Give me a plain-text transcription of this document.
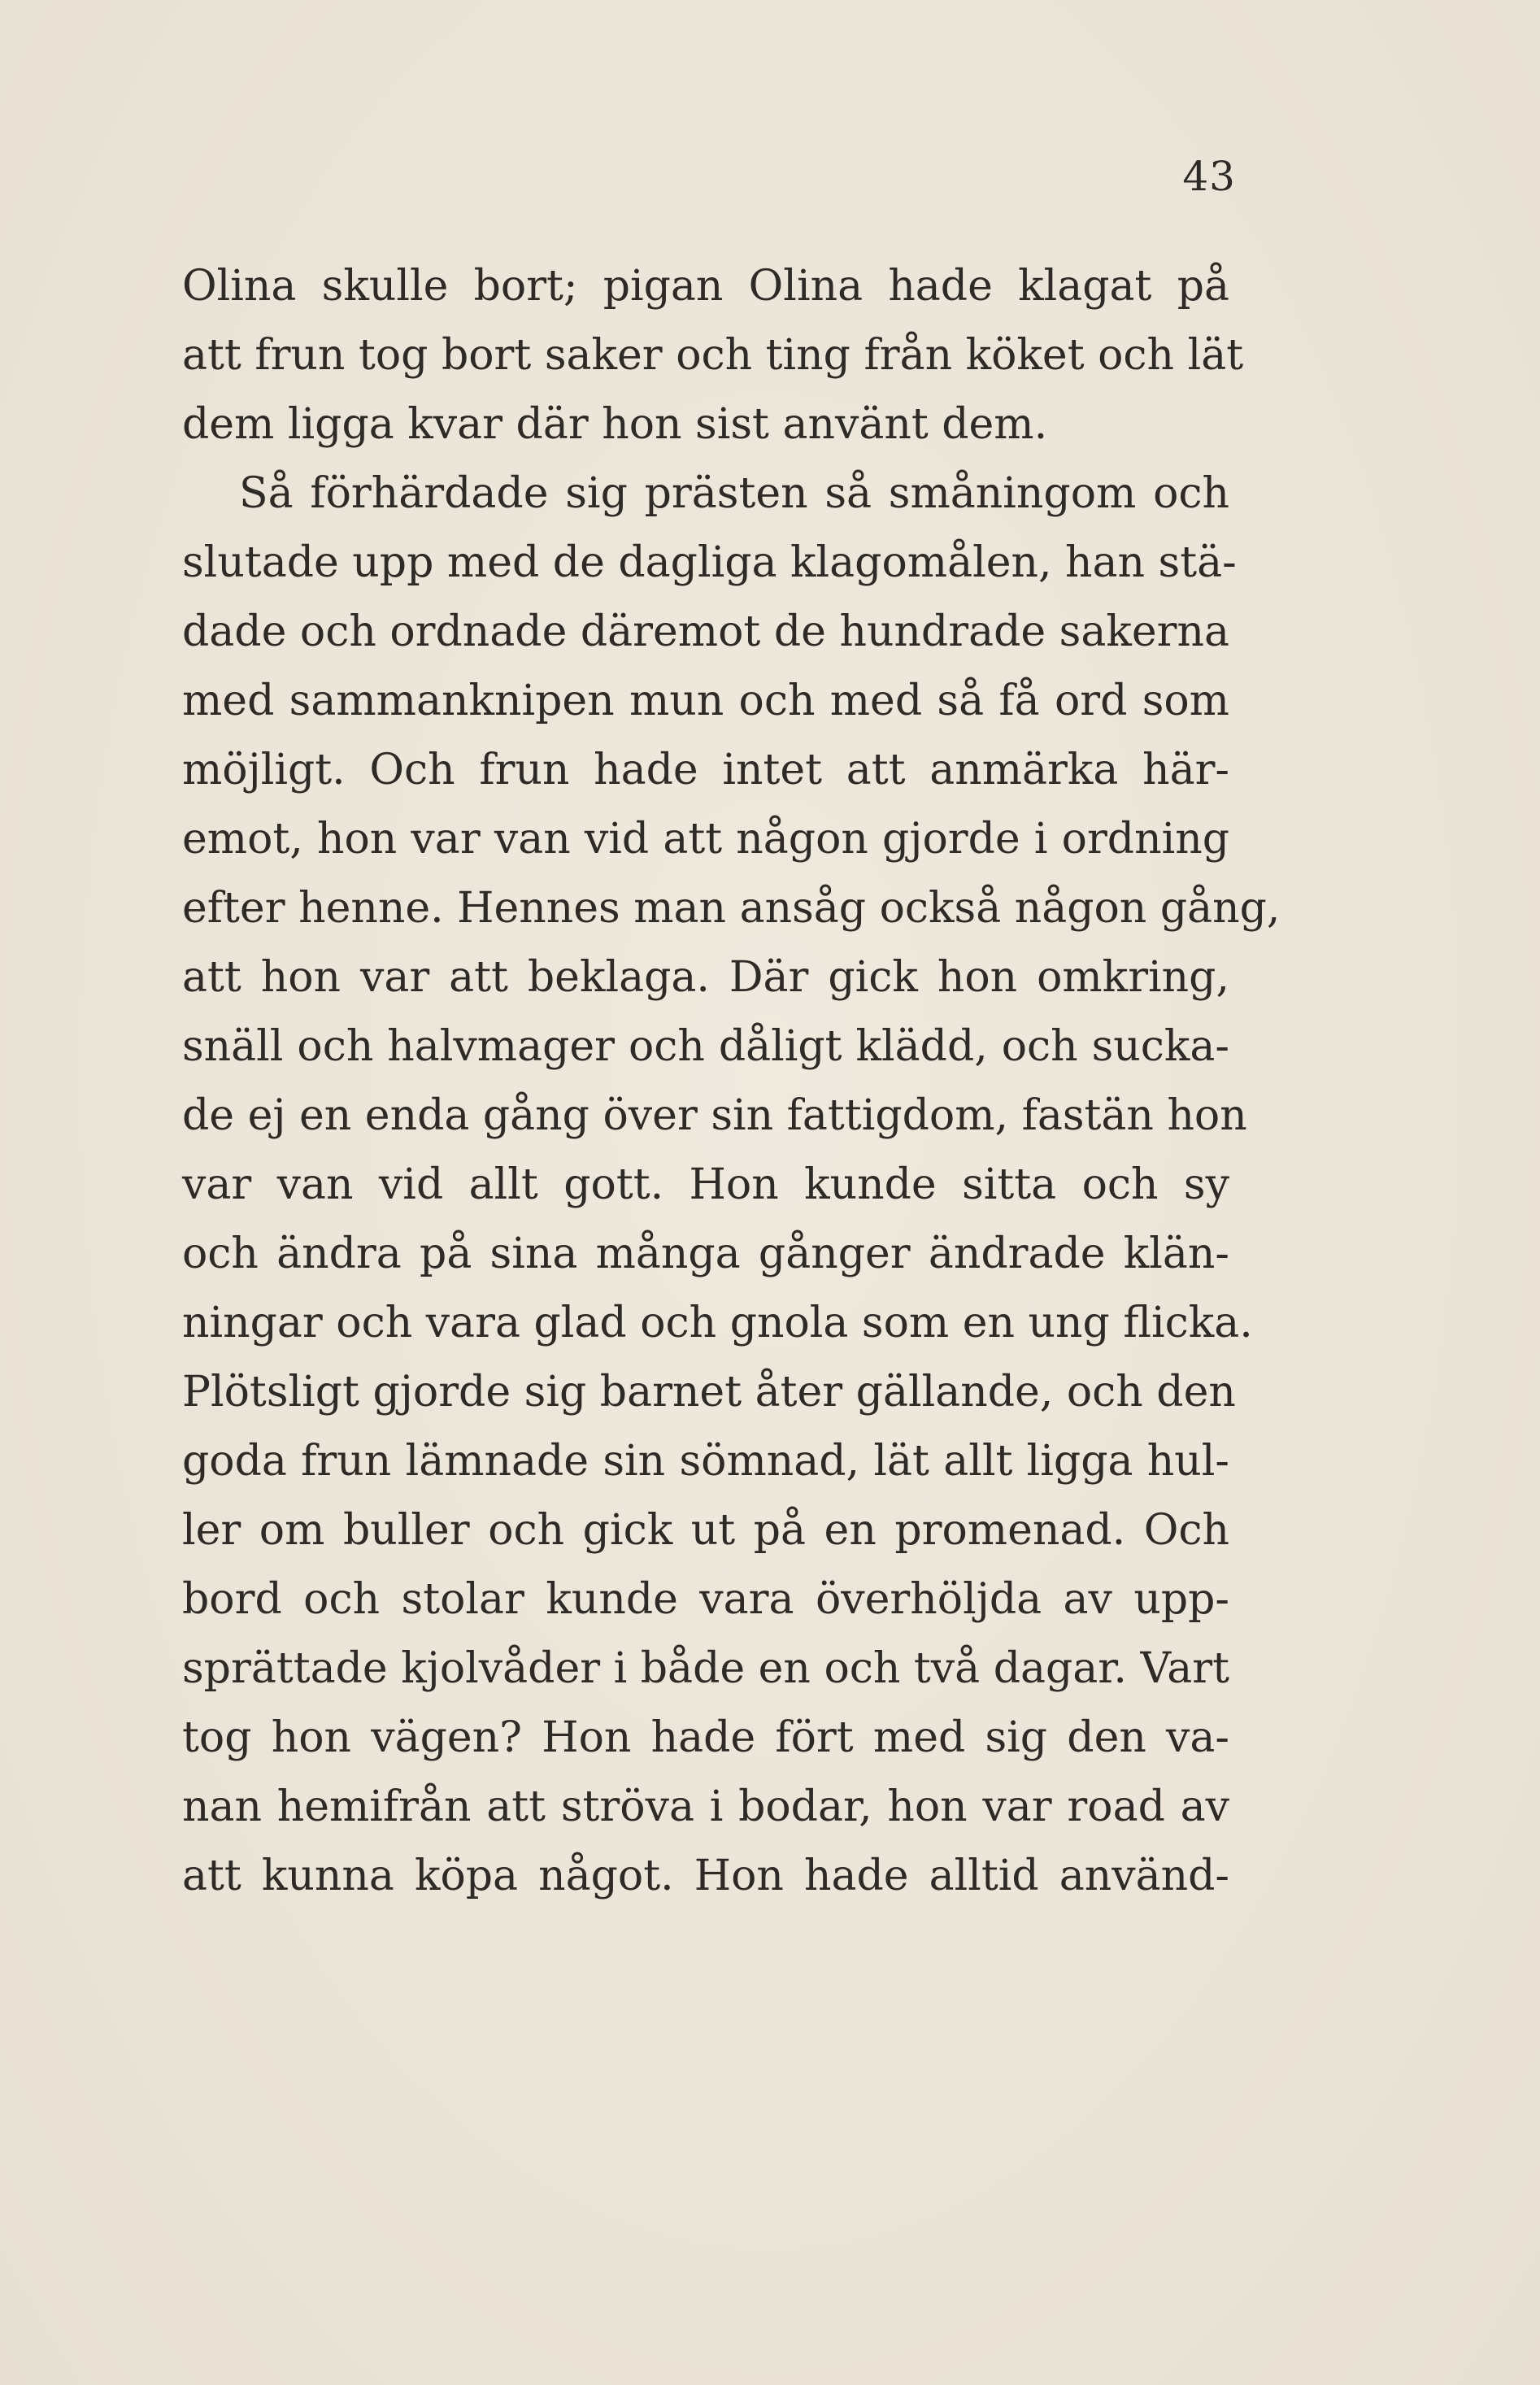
43
Olina skulle bort; pigan Olina hade klagat på
att frun tog bort saker och ting från köket och lät
dem ligga kvar där hon sist använt dem.
Så förhärdade sig prästen så småningom och
slutade upp med de dagliga klagomålen, han stä-
dade och ordnade däremot de hundrade sakerna
med sammanknipen mun och med så få ord som
möjligt. Och frun hade intet att anmärka här-
emot, hon var van vid att någon gjorde i ordning
efter henne. Hennes man ansåg också någon gång,
att hon var att beklaga. Där gick hon omkring,
snäll och halvmager och dåligt klädd, och sucka-
de ej en enda gång över sin fattigdom, fastän hon
var van vid allt gott. Hon kunde sitta och sy
och ändra på sina många gånger ändrade klän-
ningar och vara glad och gnola som en ung flicka.
Plötsligt gjorde sig barnet åter gällande, och den
goda frun lämnade sin sömnad, lät allt ligga hul-
ler om buller och gick ut på en promenad. Och
bord och stolar kunde vara överhöljda av upp-
sprättade kjolvåder i både en och två dagar. Vart
tog hon vägen? Hon hade fört med sig den va-
nan hemifrån att ströva i bodar, hon var road av
att kunna köpa något. Hon hade alltid använd-
